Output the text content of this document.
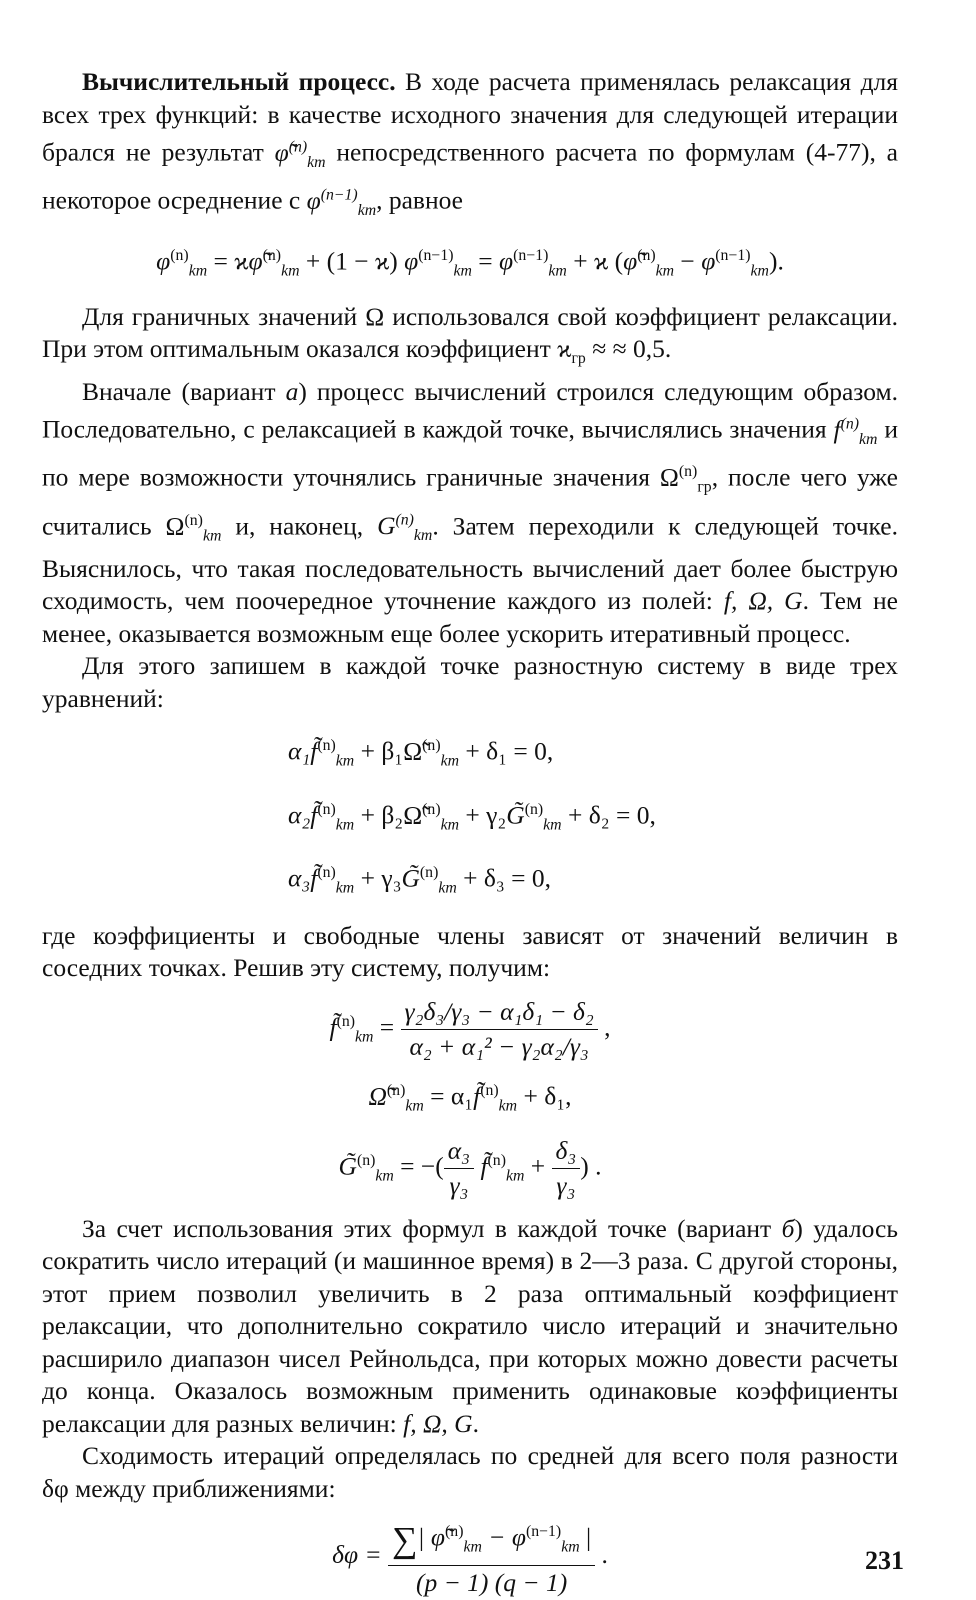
Вычислительный процесс. В ходе расчета применялась релаксация для всех трех функций: в качестве исходного значения для следующей итерации брался не результат φ̃$^{(n)}_{km}$ непосредственного расчета по формулам (4-77), а некоторое осреднение с $\varphi^{(n-1)}_{km}$, равное

$\varphi^{(n)}_{km}$ = ϰφ̃$^{(n)}_{km}$ + (1 − ϰ) $\varphi^{(n-1)}_{km} = \varphi^{(n-1)}_{km} + ϰ$ (φ̃$^{(n)}_{km}$ − $\varphi^{(n-1)}_{km}$).

Для граничных значений Ω использовался свой коэффициент релаксации. При этом оптимальным оказался коэффициент $ϰ_{гр}$ ≈ ≈ 0,5.

Вначале (вариант а) процесс вычислений строился следующим образом. Последовательно, с релаксацией в каждой точке, вычислялись значения $f^{(n)}_{km}$ и по мере возможности уточнялись граничные значения $\Omega^{(n)}_{гр}$, после чего уже считались $\Omega^{(n)}_{km}$ и, наконец, $G^{(n)}_{km}$. Затем переходили к следующей точке. Выяснилось, что такая последовательность вычислений дает более быструю сходимость, чем поочередное уточнение каждого из полей: f, Ω, G. Тем не менее, оказывается возможным еще более ускорить итеративный процесс.

Для этого запишем в каждой точке разностную систему в виде трех уравнений:

α₁f̃$^{(n)}_{km}$ + β₁Ω̃$^{(n)}_{km}$ + δ₁ = 0,

α₂f̃$^{(n)}_{km}$ + β₂Ω̃$^{(n)}_{km}$ + γ₂G̃$^{(n)}_{km}$ + δ₂ = 0,

α₃f̃$^{(n)}_{km}$ + γ₃G̃$^{(n)}_{km}$ + δ₃ = 0,

где коэффициенты и свободные члены зависят от значений величин в соседних точках. Решив эту систему, получим:

f̃$^{(n)}_{km}$ = $\frac{\text{γ₂δ₃/γ₃ − α₁δ₁ − δ₂}}{\text{α₂ + α₁² − γ₂α₂/γ₃}}$ ,

Ω̃$^{(n)}_{km}$ = α₁f̃$^{(n)}_{km}$ + δ₁,

G̃$^{(n)}_{km}$ = −( $\frac{\text{α₃}}{\text{γ₃}}$ f̃$^{(n)}_{km}$ + $\frac{\text{δ₃}}{\text{γ₃}}$ ) .

За счет использования этих формул в каждой точке (вариант б) удалось сократить число итераций (и машинное время) в 2—3 раза. С другой стороны, этот прием позволил увеличить в 2 раза оптимальный коэффициент релаксации, что дополнительно сократило число итераций и значительно расширило диапазон чисел Рейнольдса, при которых можно довести расчеты до конца. Оказалось возможным применить одинаковые коэффициенты релаксации для разных величин: f, Ω, G.

Сходимость итераций определялась по средней для всего поля разности δφ между приближениями:

$\delta\varphi = \frac{\sum| \varphĩ^{(n)}_{km} - \varphi^{(n-1)}_{km} |}{(p - 1) (q - 1)}$ .	231
